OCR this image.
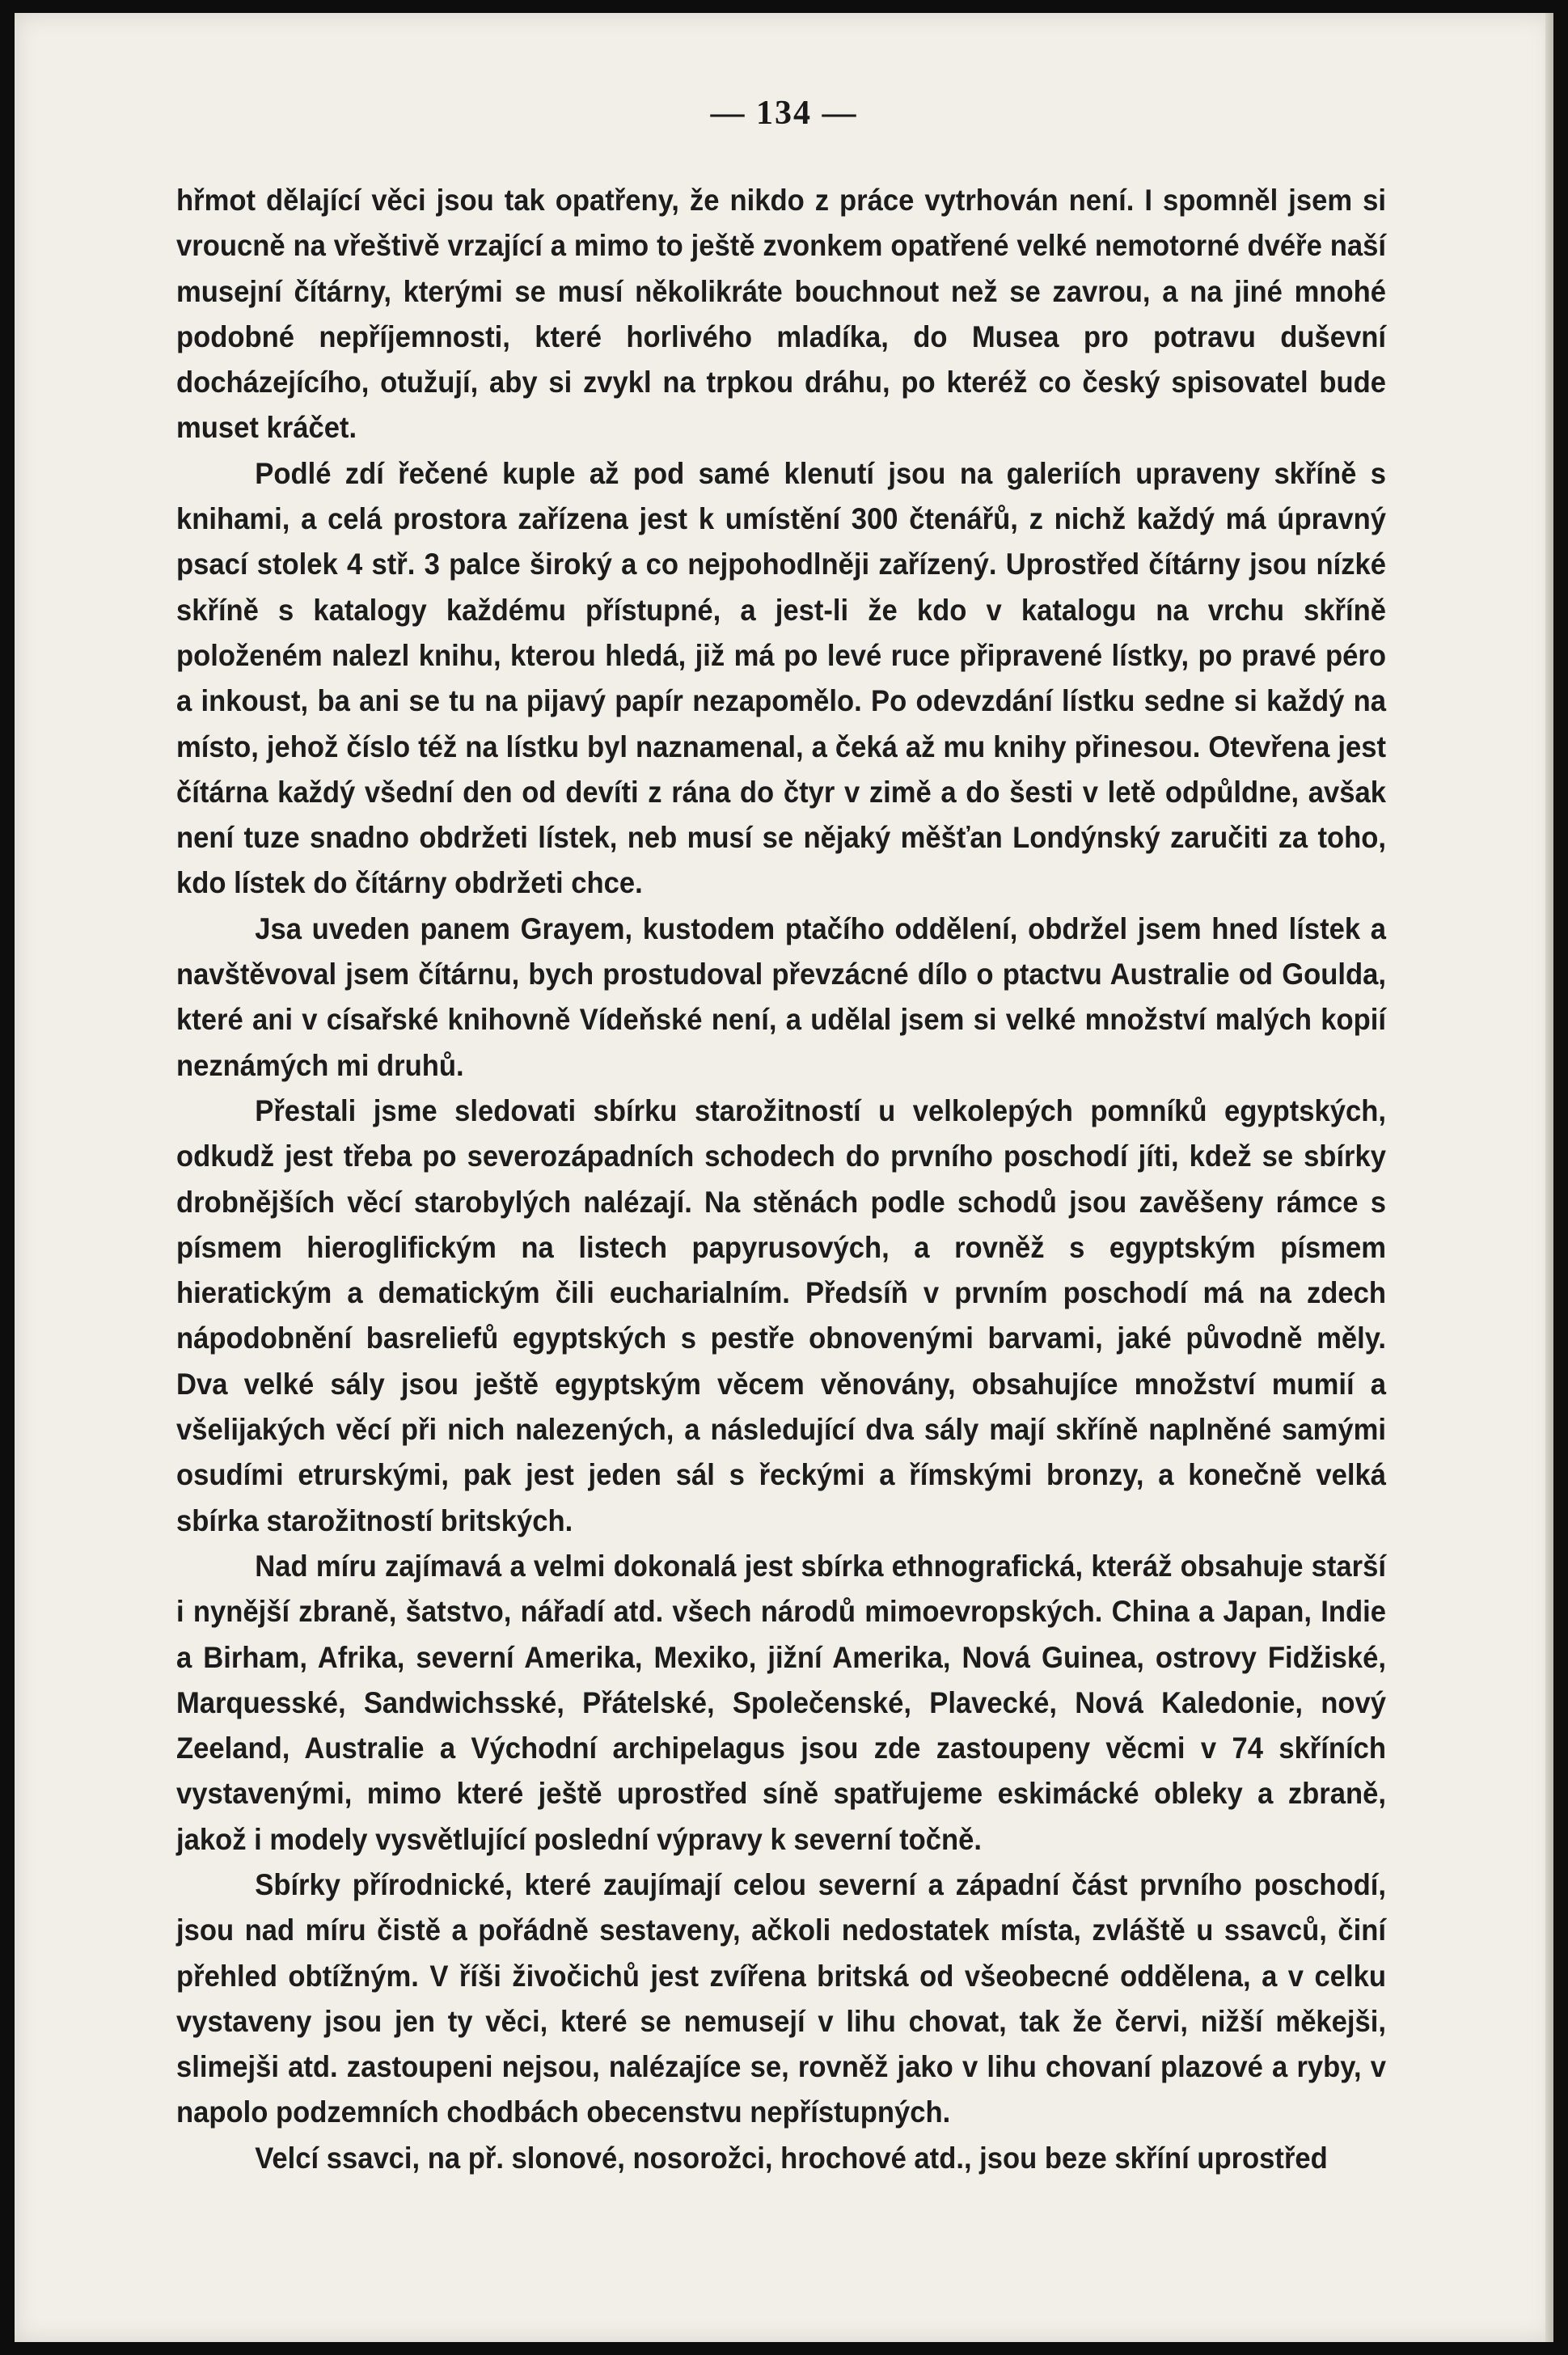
— 134 —

hřmot dělající věci jsou tak opatřeny, že nikdo z práce vytrhován není. I spomněl jsem si vroucně na vřeštivě vrzající a mimo to ještě zvonkem opatřené velké nemotorné dvéře naší musejní čítárny, kterými se musí několikráte bouchnout než se zavrou, a na jiné mnohé podobné nepříjemnosti, které horlivého mladíka, do Musea pro potravu duševní docházejícího, otužují, aby si zvykl na trpkou dráhu, po kteréž co český spisovatel bude muset kráčet.

Podlé zdí řečené kuple až pod samé klenutí jsou na galeriích upraveny skříně s knihami, a celá prostora zařízena jest k umístění 300 čtenářů, z nichž každý má úpravný psací stolek 4 stř. 3 palce široký a co nejpohodlněji zařízený. Uprostřed čítárny jsou nízké skříně s katalogy každému přístupné, a jest-li že kdo v katalogu na vrchu skříně položeném nalezl knihu, kterou hledá, již má po levé ruce připravené lístky, po pravé péro a inkoust, ba ani se tu na pijavý papír nezapomělo. Po odevzdání lístku sedne si každý na místo, jehož číslo též na lístku byl naznamenal, a čeká až mu knihy přinesou. Otevřena jest čítárna každý všední den od devíti z rána do čtyr v zimě a do šesti v letě odpůldne, avšak není tuze snadno obdržeti lístek, neb musí se nějaký měšťan Londýnský zaručiti za toho, kdo lístek do čítárny obdržeti chce.

Jsa uveden panem Grayem, kustodem ptačího oddělení, obdržel jsem hned lístek a navštěvoval jsem čítárnu, bych prostudoval převzácné dílo o ptactvu Australie od Goulda, které ani v císařské knihovně Vídeňské není, a udělal jsem si velké množství malých kopií neznámých mi druhů.

Přestali jsme sledovati sbírku starožitností u velkolepých pomníků egyptských, odkudž jest třeba po severozápadních schodech do prvního poschodí jíti, kdež se sbírky drobnějších věcí starobylých nalézají. Na stěnách podle schodů jsou zavěšeny rámce s písmem hieroglifickým na listech papyrusových, a rovněž s egyptským písmem hieratickým a dematickým čili eucharialním. Předsíň v prvním poschodí má na zdech nápodobnění basreliefů egyptských s pestře obnovenými barvami, jaké původně měly. Dva velké sály jsou ještě egyptským věcem věnovány, obsahujíce množství mumií a všelijakých věcí při nich nalezených, a následující dva sály mají skříně naplněné samými osudími etrurskými, pak jest jeden sál s řeckými a římskými bronzy, a konečně velká sbírka starožitností britských.

Nad míru zajímavá a velmi dokonalá jest sbírka ethnografická, kteráž obsahuje starší i nynější zbraně, šatstvo, nářadí atd. všech národů mimoevropských. China a Japan, Indie a Birham, Afrika, severní Amerika, Mexiko, jižní Amerika, Nová Guinea, ostrovy Fidžiské, Marquesské, Sandwichsské, Přátelské, Společenské, Plavecké, Nová Kaledonie, nový Zeeland, Australie a Východní archipelagus jsou zde zastoupeny věcmi v 74 skříních vystavenými, mimo které ještě uprostřed síně spatřujeme eskimácké obleky a zbraně, jakož i modely vysvětlující poslední výpravy k severní točně.

Sbírky přírodnické, které zaujímají celou severní a západní část prvního poschodí, jsou nad míru čistě a pořádně sestaveny, ačkoli nedostatek místa, zvláště u ssavců, činí přehled obtížným. V říši živočichů jest zvířena britská od všeobecné oddělena, a v celku vystaveny jsou jen ty věci, které se nemusejí v lihu chovat, tak že červi, nižší měkejši, slimejši atd. zastoupeni nejsou, nalézajíce se, rovněž jako v lihu chovaní plazové a ryby, v napolo podzemních chodbách obecenstvu nepřístupných.

Velcí ssavci, na př. slonové, nosorožci, hrochové atd., jsou beze skříní uprostřed
